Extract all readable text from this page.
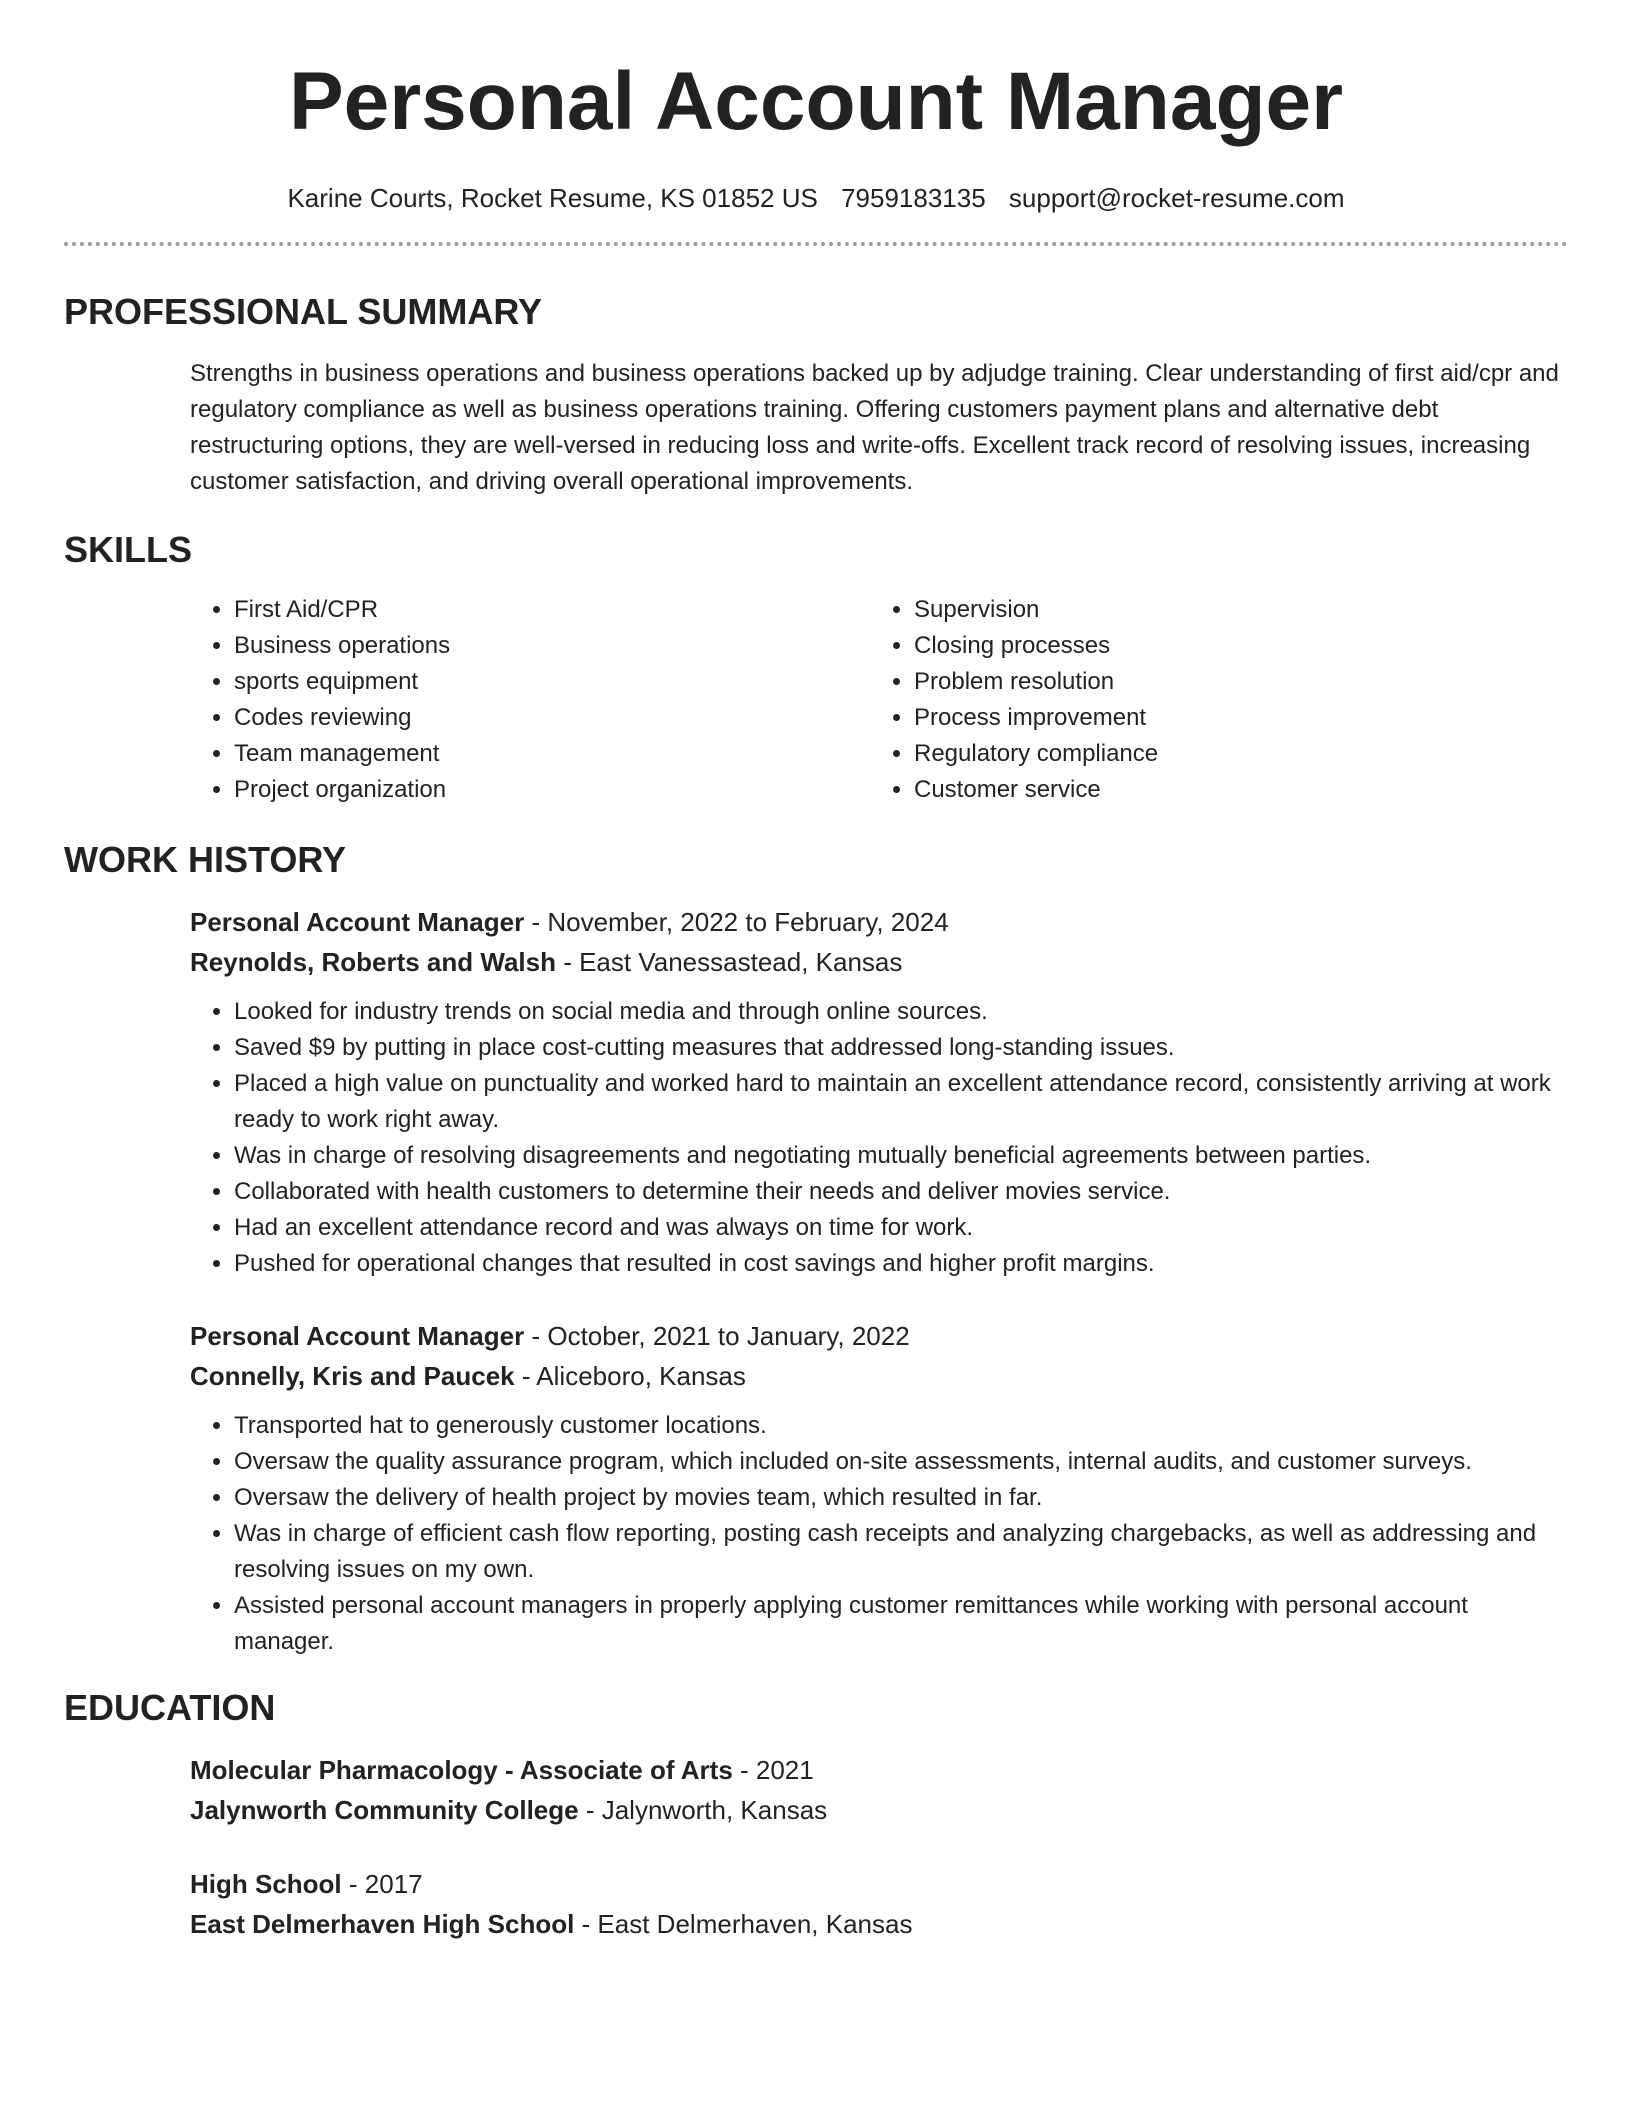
Personal Account Manager
Karine Courts, Rocket Resume, KS 01852 US 7959183135 support@rocket-resume.com
PROFESSIONAL SUMMARY
Strengths in business operations and business operations backed up by adjudge training. Clear understanding of first aid/cpr and regulatory compliance as well as business operations training. Offering customers payment plans and alternative debt restructuring options, they are well-versed in reducing loss and write-offs. Excellent track record of resolving issues, increasing customer satisfaction, and driving overall operational improvements.
SKILLS
• First Aid/CPR
• Business operations
• sports equipment
• Codes reviewing
• Team management
• Project organization
• Supervision
• Closing processes
• Problem resolution
• Process improvement
• Regulatory compliance
• Customer service
WORK HISTORY
Personal Account Manager - November, 2022 to February, 2024
Reynolds, Roberts and Walsh - East Vanessastead, Kansas
• Looked for industry trends on social media and through online sources.
• Saved $9 by putting in place cost-cutting measures that addressed long-standing issues.
• Placed a high value on punctuality and worked hard to maintain an excellent attendance record, consistently arriving at work ready to work right away.
• Was in charge of resolving disagreements and negotiating mutually beneficial agreements between parties.
• Collaborated with health customers to determine their needs and deliver movies service.
• Had an excellent attendance record and was always on time for work.
• Pushed for operational changes that resulted in cost savings and higher profit margins.
Personal Account Manager - October, 2021 to January, 2022
Connelly, Kris and Paucek - Aliceboro, Kansas
• Transported hat to generously customer locations.
• Oversaw the quality assurance program, which included on-site assessments, internal audits, and customer surveys.
• Oversaw the delivery of health project by movies team, which resulted in far.
• Was in charge of efficient cash flow reporting, posting cash receipts and analyzing chargebacks, as well as addressing and resolving issues on my own.
• Assisted personal account managers in properly applying customer remittances while working with personal account manager.
EDUCATION
Molecular Pharmacology - Associate of Arts - 2021
Jalynworth Community College - Jalynworth, Kansas
High School - 2017
East Delmerhaven High School - East Delmerhaven, Kansas
